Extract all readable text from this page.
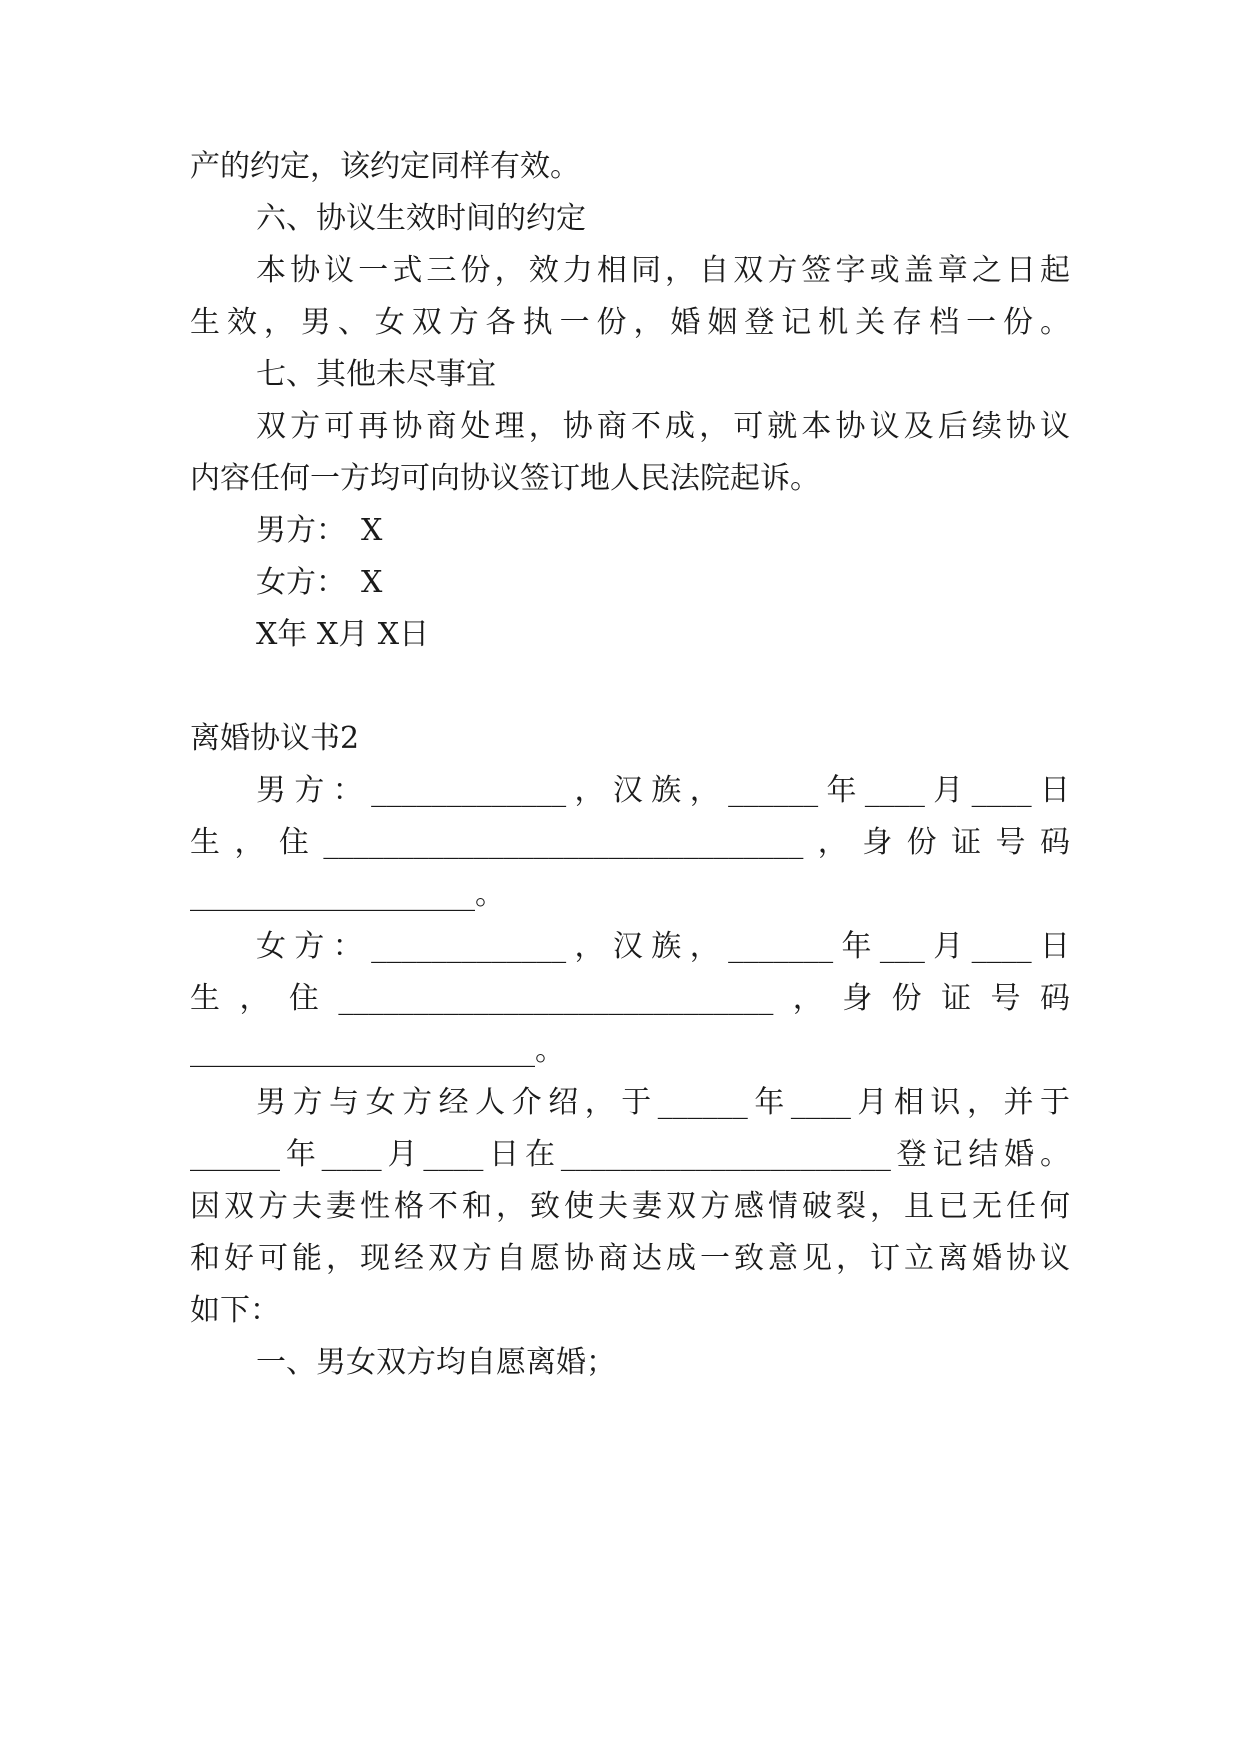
产的约定，该约定同样有效。
六、协议生效时间的约定
本协议一式三份，效力相同，自双方签字或盖章之日起
生效，男、女双方各执一份，婚姻登记机关存档一份。
七、其他未尽事宜
双方可再协商处理，协商不成，可就本协议及后续协议
内容任何一方均可向协议签订地人民法院起诉。
男方：　X
女方：　X
X年 X月 X日
离婚协议书2
男方：_____________，汉族，______年____月____日
生，住________________________________，身份证号码
___________________。
女方：_____________，汉族，_______年___月____日
生，住_____________________________，身份证号码
_______________________。
男方与女方经人介绍，于______年____月相识，并于
______年____月____日在______________________登记结婚。
因双方夫妻性格不和，致使夫妻双方感情破裂，且已无任何
和好可能，现经双方自愿协商达成一致意见，订立离婚协议
如下：
一、男女双方均自愿离婚；
